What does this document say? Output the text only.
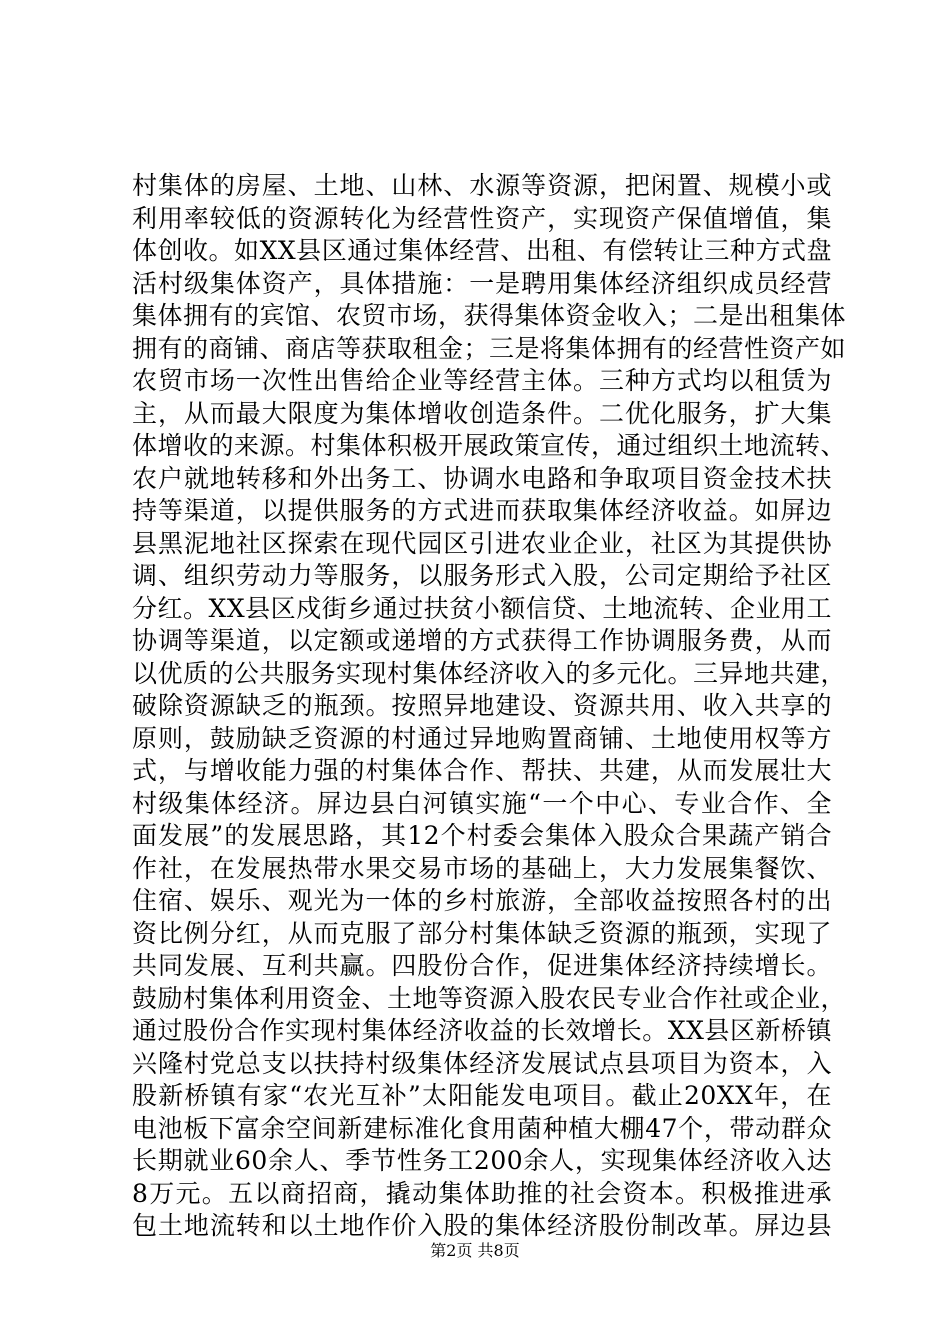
村集体的房屋、土地、山林、水源等资源，把闲置、规模小或
利用率较低的资源转化为经营性资产，实现资产保值增值，集
体创收。如XX县区通过集体经营、出租、有偿转让三种方式盘
活村级集体资产，具体措施：一是聘用集体经济组织成员经营
集体拥有的宾馆、农贸市场，获得集体资金收入；二是出租集体
拥有的商铺、商店等获取租金；三是将集体拥有的经营性资产如
农贸市场一次性出售给企业等经营主体。三种方式均以租赁为
主，从而最大限度为集体增收创造条件。二优化服务，扩大集
体增收的来源。村集体积极开展政策宣传，通过组织土地流转、
农户就地转移和外出务工、协调水电路和争取项目资金技术扶
持等渠道，以提供服务的方式进而获取集体经济收益。如屏边
县黑泥地社区探索在现代园区引进农业企业，社区为其提供协
调、组织劳动力等服务，以服务形式入股，公司定期给予社区
分红。XX县区戍街乡通过扶贫小额信贷、土地流转、企业用工
协调等渠道，以定额或递增的方式获得工作协调服务费，从而
以优质的公共服务实现村集体经济收入的多元化。三异地共建，
破除资源缺乏的瓶颈。按照异地建设、资源共用、收入共享的
原则，鼓励缺乏资源的村通过异地购置商铺、土地使用权等方
式，与增收能力强的村集体合作、帮扶、共建，从而发展壮大
村级集体经济。屏边县白河镇实施“一个中心、专业合作、全
面发展”的发展思路，其12个村委会集体入股众合果蔬产销合
作社，在发展热带水果交易市场的基础上，大力发展集餐饮、
住宿、娱乐、观光为一体的乡村旅游，全部收益按照各村的出
资比例分红，从而克服了部分村集体缺乏资源的瓶颈，实现了
共同发展、互利共赢。四股份合作，促进集体经济持续增长。
鼓励村集体利用资金、土地等资源入股农民专业合作社或企业，
通过股份合作实现村集体经济收益的长效增长。XX县区新桥镇
兴隆村党总支以扶持村级集体经济发展试点县项目为资本，入
股新桥镇有家“农光互补”太阳能发电项目。截止20XX年，在
电池板下富余空间新建标准化食用菌种植大棚47个，带动群众
长期就业60余人、季节性务工200余人，实现集体经济收入达
8万元。五以商招商，撬动集体助推的社会资本。积极推进承
包土地流转和以土地作价入股的集体经济股份制改革。屏边县
第2页 共8页
